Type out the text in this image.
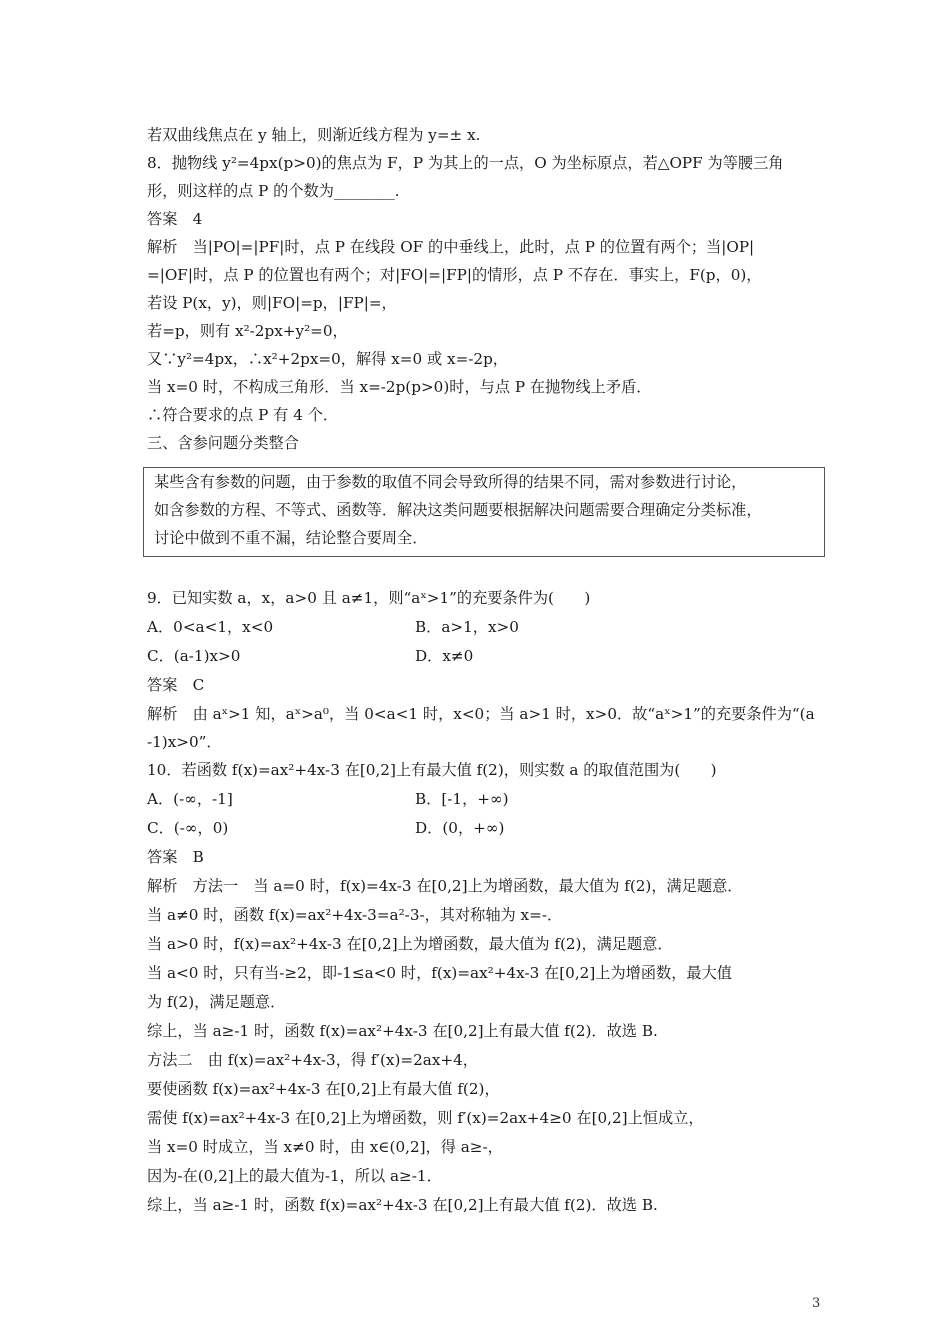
若双曲线焦点在 y 轴上，则渐近线方程为 y=± x.
8．抛物线 y²=4px(p>0)的焦点为 F，P 为其上的一点，O 为坐标原点，若△OPF 为等腰三角
形，则这样的点 P 的个数为________.
答案　4
解析　当|PO|=|PF|时，点 P 在线段 OF 的中垂线上，此时，点 P 的位置有两个；当|OP|
=|OF|时，点 P 的位置也有两个；对|FO|=|FP|的情形，点 P 不存在．事实上，F(p，0)，
若设 P(x，y)，则|FO|=p，|FP|=，
若=p，则有 x²-2px+y²=0，
又∵y²=4px，∴x²+2px=0，解得 x=0 或 x=-2p，
当 x=0 时，不构成三角形．当 x=-2p(p>0)时，与点 P 在抛物线上矛盾．
∴符合要求的点 P 有 4 个．
三、含参问题分类整合
某些含有参数的问题，由于参数的取值不同会导致所得的结果不同，需对参数进行讨论，
如含参数的方程、不等式、函数等．解决这类问题要根据解决问题需要合理确定分类标准，
讨论中做到不重不漏，结论整合要周全．
9．已知实数 a，x，a>0 且 a≠1，则“aˣ>1”的充要条件为(　　)
A．0<a<1，x<0	B．a>1，x>0
C．(a-1)x>0	D．x≠0
答案　C
解析　由 aˣ>1 知，aˣ>a⁰，当 0<a<1 时，x<0；当 a>1 时，x>0．故“aˣ>1”的充要条件为“(a
-1)x>0”．
10．若函数 f(x)=ax²+4x-3 在[0,2]上有最大值 f(2)，则实数 a 的取值范围为(　　)
A．(-∞，-1]	B．[-1，+∞)
C．(-∞，0)	D．(0，+∞)
答案　B
解析　方法一　当 a=0 时，f(x)=4x-3 在[0,2]上为增函数，最大值为 f(2)，满足题意．
当 a≠0 时，函数 f(x)=ax²+4x-3=a²-3-，其对称轴为 x=-．
当 a>0 时，f(x)=ax²+4x-3 在[0,2]上为增函数，最大值为 f(2)，满足题意．
当 a<0 时，只有当-≥2，即-1≤a<0 时，f(x)=ax²+4x-3 在[0,2]上为增函数，最大值
为 f(2)，满足题意．
综上，当 a≥-1 时，函数 f(x)=ax²+4x-3 在[0,2]上有最大值 f(2)．故选 B.
方法二　由 f(x)=ax²+4x-3，得 f′(x)=2ax+4，
要使函数 f(x)=ax²+4x-3 在[0,2]上有最大值 f(2)，
需使 f(x)=ax²+4x-3 在[0,2]上为增函数，则 f′(x)=2ax+4≥0 在[0,2]上恒成立，
当 x=0 时成立，当 x≠0 时，由 x∈(0,2]，得 a≥-，
因为-在(0,2]上的最大值为-1，所以 a≥-1．
综上，当 a≥-1 时，函数 f(x)=ax²+4x-3 在[0,2]上有最大值 f(2)．故选 B.
3
